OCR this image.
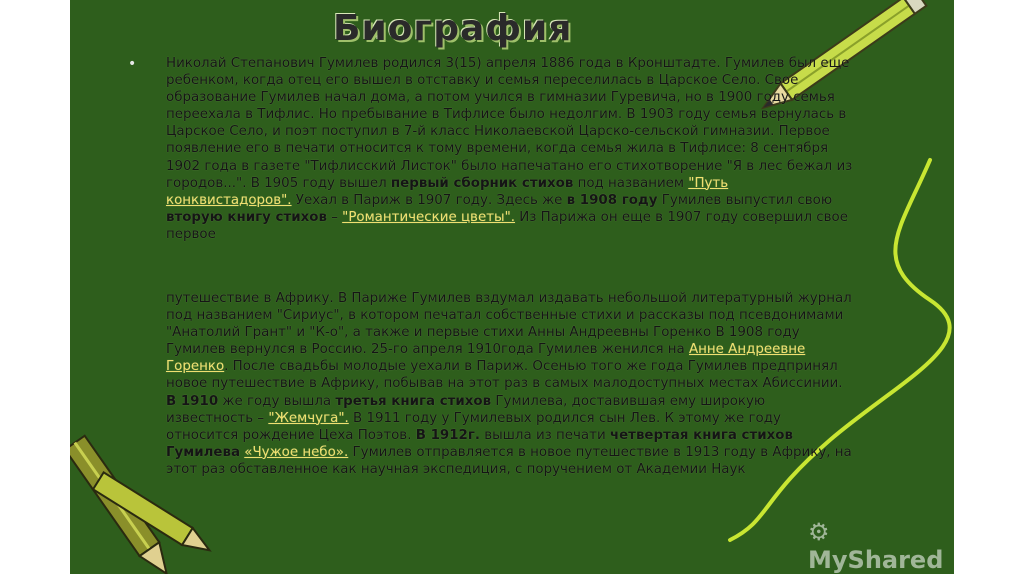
Биография
• Николай Степанович Гумилев родился 3(15) апреля 1886 года в Кронштадте. Гумилев был еще ребенком, когда отец его вышел в отставку и семья переселилась в Царское Село. Свое образование Гумилев начал дома, а потом учился в гимназии Гуревича, но в 1900 году семья переехала в Тифлис. Но пребывание в Тифлисе было недолгим. В 1903 году семья вернулась в Царское Село, и поэт поступил в 7-й класс Николаевской Царско-сельской гимназии. Первое появление его в печати относится к тому времени, когда семья жила в Тифлисе: 8 сентября 1902 года в газете "Тифлисский Листок" было напечатано его стихотворение "Я в лес бежал из городов...". В 1905 году вышел первый сборник стихов под названием "Путь конквистадоров". Уехал в Париж в 1907 году. Здесь же в 1908 году Гумилев выпустил свою вторую книгу стихов – "Романтические цветы". Из Парижа он еще в 1907 году совершил свое первое

путешествие в Африку. В Париже Гумилев вздумал издавать небольшой литературный журнал под названием "Сириус", в котором печатал собственные стихи и рассказы под псевдонимами "Анатолий Грант" и "К-о", а также и первые стихи Анны Андреевны Горенко В 1908 году Гумилев вернулся в Россию. 25-го апреля 1910года Гумилев женился на Анне Андреевне Горенко. После свадьбы молодые уехали в Париж. Осенью того же года Гумилев предпринял новое путешествие в Африку, побывав на этот раз в самых малодоступных местах Абиссинии. В 1910 же году вышла третья книга стихов Гумилева, доставившая ему широкую известность – "Жемчуга". В 1911 году у Гумилевых родился сын Лев. К этому же году относится рождение Цеха Поэтов. В 1912г. вышла из печати четвертая книга стихов Гумилева «Чужое небо». Гумилев отправляется в новое путешествие в 1913 году в Африку, на этот раз обставленное как научная экспедиция, с поручением от Академии Наук

⚙ MyShared
